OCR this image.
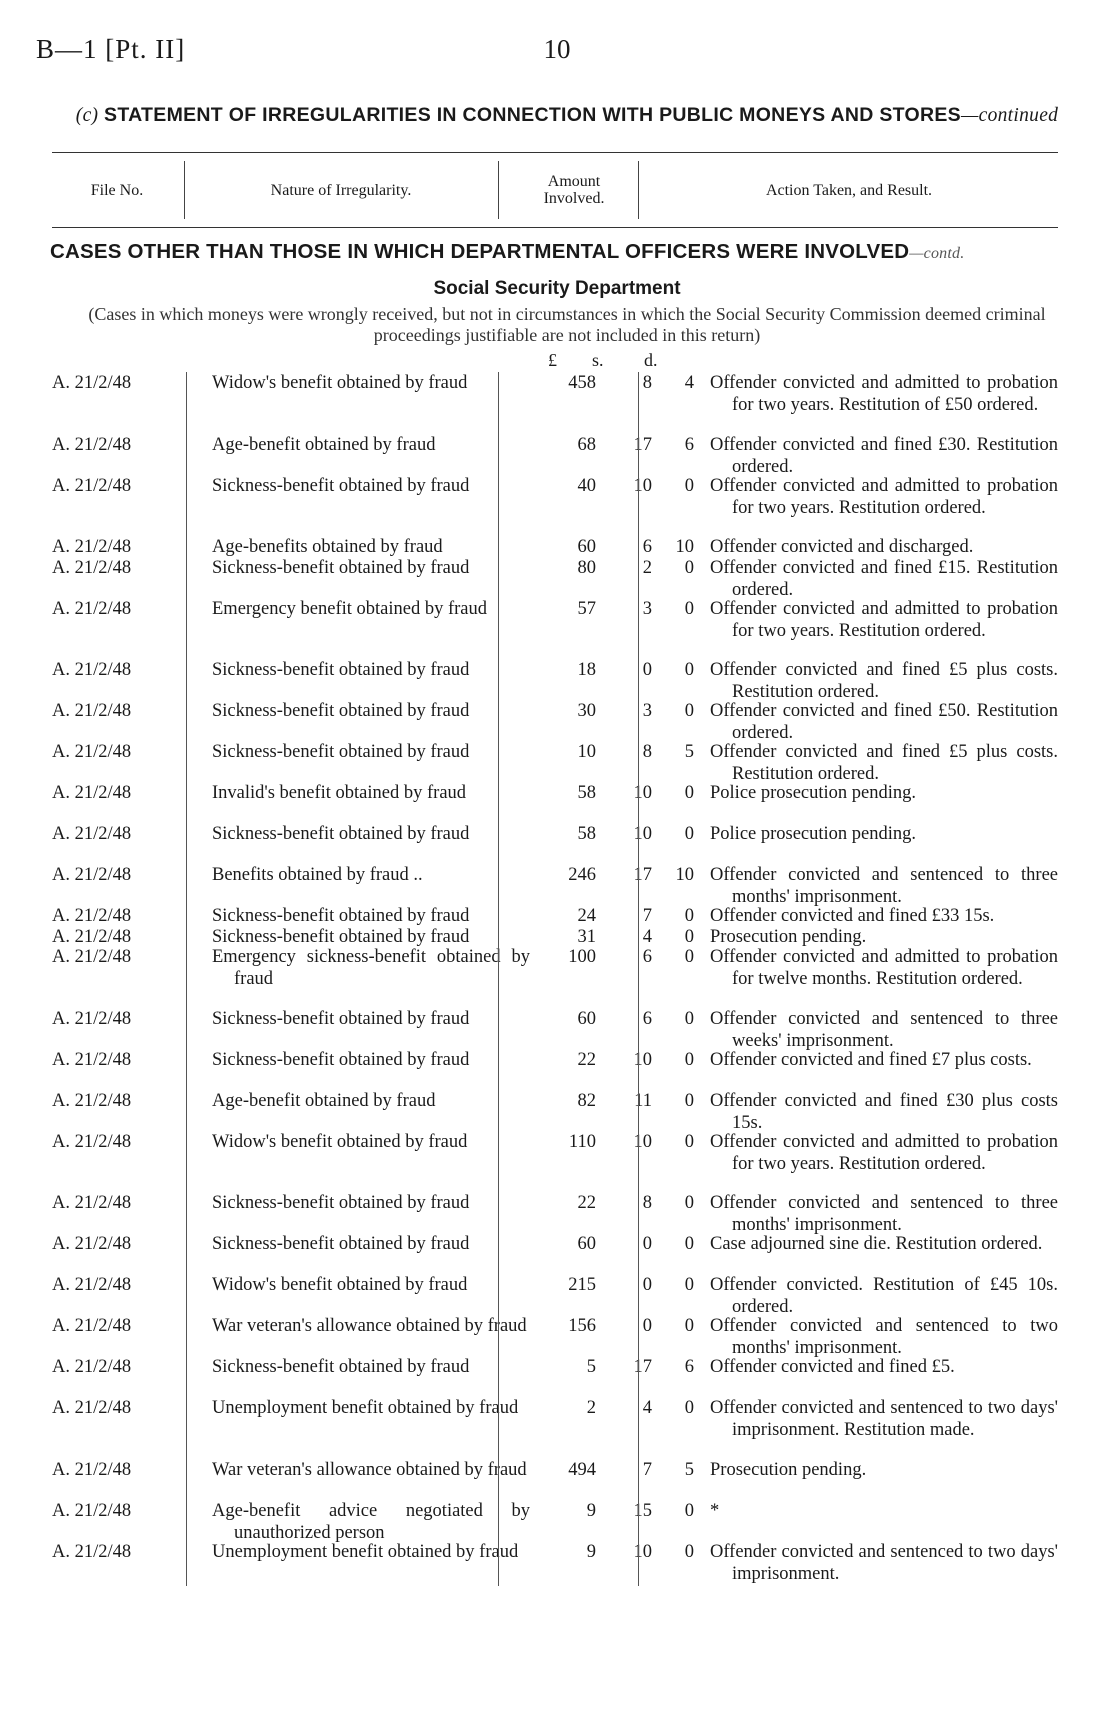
B—1 [Pt. II]	10
(c) STATEMENT OF IRREGULARITIES IN CONNECTION WITH PUBLIC MONEYS AND STORES—continued
File No.	Nature of Irregularity.	Amount Involved.	Action Taken, and Result.
CASES OTHER THAN THOSE IN WHICH DEPARTMENTAL OFFICERS WERE INVOLVED—contd.
Social Security Department
(Cases in which moneys were wrongly received, but not in circumstances in which the Social Security Commission deemed criminal proceedings justifiable are not included in this return)
£ s. d.
A. 21/2/48	Widow's benefit obtained by fraud	458	8	4 Offender convicted and admitted to probation for two years. Restitution of £50 ordered.
A. 21/2/48	Age-benefit obtained by fraud	68	17	6 Offender convicted and fined £30. Restitution ordered.
A. 21/2/48	Sickness-benefit obtained by fraud	40	10	0 Offender convicted and admitted to probation for two years. Restitution ordered.
A. 21/2/48	Age-benefits obtained by fraud	60	6	10 Offender convicted and discharged.
A. 21/2/48	Sickness-benefit obtained by fraud	80	2	0 Offender convicted and fined £15. Restitution ordered.
A. 21/2/48	Emergency benefit obtained by fraud	57	3	0 Offender convicted and admitted to probation for two years. Restitution ordered.
A. 21/2/48	Sickness-benefit obtained by fraud	18	0	0 Offender convicted and fined £5 plus costs. Restitution ordered.
A. 21/2/48	Sickness-benefit obtained by fraud	30	3	0 Offender convicted and fined £50. Restitution ordered.
A. 21/2/48	Sickness-benefit obtained by fraud	10	8	5 Offender convicted and fined £5 plus costs. Restitution ordered.
A. 21/2/48	Invalid's benefit obtained by fraud	58	10	0 Police prosecution pending.
A. 21/2/48	Sickness-benefit obtained by fraud	58	10	0 Police prosecution pending.
A. 21/2/48	Benefits obtained by fraud ..	246	17	10 Offender convicted and sentenced to three months' imprisonment.
A. 21/2/48	Sickness-benefit obtained by fraud	24	7	0 Offender convicted and fined £33 15s.
A. 21/2/48	Sickness-benefit obtained by fraud	31	4	0 Prosecution pending.
A. 21/2/48	Emergency sickness-benefit obtained by fraud
100	6	0 Offender convicted and admitted to probation for twelve months. Restitution ordered.
A. 21/2/48	Sickness-benefit obtained by fraud	60	6	0 Offender convicted and sentenced to three weeks' imprisonment.
A. 21/2/48	Sickness-benefit obtained by fraud	22	10	0 Offender convicted and fined £7 plus costs.
A. 21/2/48	Age-benefit obtained by fraud	82	11	0 Offender convicted and fined £30 plus costs 15s.
A. 21/2/48	Widow's benefit obtained by fraud	110	10	0 Offender convicted and admitted to probation for two years. Restitution ordered.
A. 21/2/48	Sickness-benefit obtained by fraud	22	8	0 Offender convicted and sentenced to three months' imprisonment.
A. 21/2/48	Sickness-benefit obtained by fraud	60	0	0 Case adjourned sine die. Restitution ordered.
A. 21/2/48	Widow's benefit obtained by fraud	215	0	0 Offender convicted. Restitution of £45 10s. ordered.
A. 21/2/48	War veteran's allowance obtained by fraud	156	0	0 Offender convicted and sentenced to two months' imprisonment.
A. 21/2/48	Sickness-benefit obtained by fraud	5	17	6 Offender convicted and fined £5.
A. 21/2/48	Unemployment benefit obtained by fraud	2	4	0 Offender convicted and sentenced to two days' imprisonment. Restitution made.
A. 21/2/48	War veteran's allowance obtained by fraud	494	7	5 Prosecution pending.
A. 21/2/48	Age-benefit advice negotiated by unauthorized person
9	15	0 *
A. 21/2/48	Unemployment benefit obtained by fraud	9	10	0 Offender convicted and sentenced to two days' imprisonment.
